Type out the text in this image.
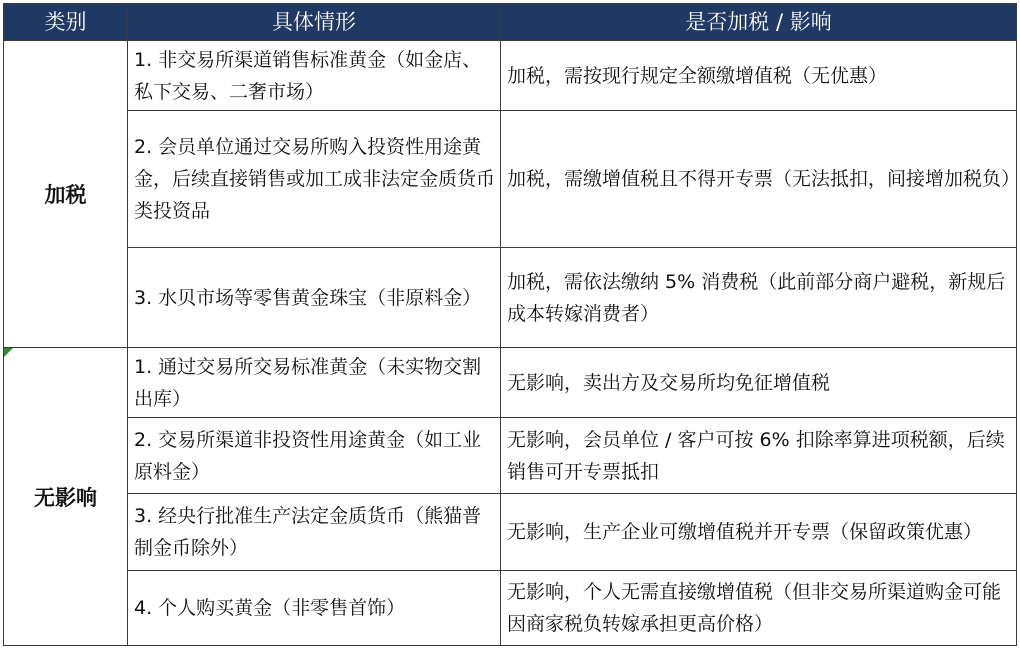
类别	具体情形	是否加税 / 影响
加税	1. 非交易所渠道销售标准黄金（如金店、私下交易、二奢市场）	加税，需按现行规定全额缴增值税（无优惠）
	2. 会员单位通过交易所购入投资性用途黄金，后续直接销售或加工成非法定金质货币类投资品	加税，需缴增值税且不得开专票（无法抵扣，间接增加税负）
	3. 水贝市场等零售黄金珠宝（非原料金）	加税，需依法缴纳 5% 消费税（此前部分商户避税，新规后成本转嫁消费者）

无影响	1. 通过交易所交易标准黄金（未实物交割出库）	无影响，卖出方及交易所均免征增值税
	2. 交易所渠道非投资性用途黄金（如工业原料金）	无影响，会员单位 / 客户可按 6% 扣除率算进项税额，后续销售可开专票抵扣
	3. 经央行批准生产法定金质货币（熊猫普制金币除外）	无影响，生产企业可缴增值税并开专票（保留政策优惠）
	4. 个人购买黄金（非零售首饰）	无影响，个人无需直接缴增值税（但非交易所渠道购金可能因商家税负转嫁承担更高价格）
